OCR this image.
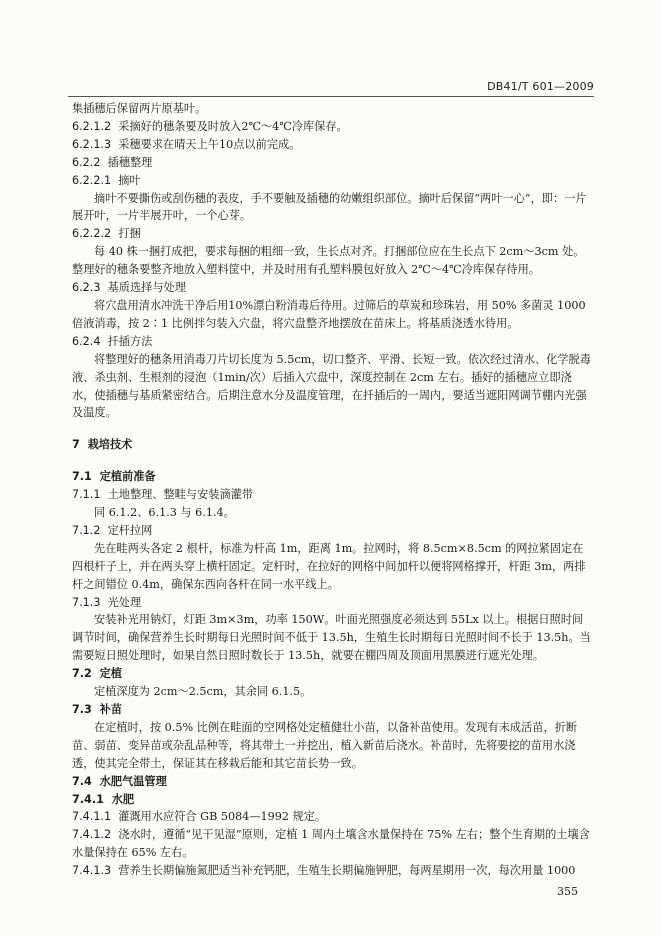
DB41/T 601—2009
集插穗后保留两片原基叶。
6.2.1.2 采摘好的穗条要及时放入2℃～4℃冷库保存。
6.2.1.3 采穗要求在晴天上午10点以前完成。
6.2.2 插穗整理
6.2.2.1 摘叶
摘叶不要撕伤或刮伤穗的表皮，手不要触及插穗的幼嫩组织部位。摘叶后保留“两叶一心”，即：一片展开叶，一片半展开叶，一个心芽。
6.2.2.2 打捆
每 40 株一捆打成把，要求每捆的粗细一致，生长点对齐。打捆部位应在生长点下 2cm～3cm 处。整理好的穗条要整齐地放入塑料筐中，并及时用有孔塑料膜包好放入 2℃～4℃冷库保存待用。
6.2.3 基质选择与处理
将穴盘用清水冲洗干净后用10%漂白粉消毒后待用。过筛后的草炭和珍珠岩，用 50% 多菌灵 1000 倍液消毒，按 2∶1 比例拌匀装入穴盘，将穴盘整齐地摆放在苗床上。将基质浇透水待用。
6.2.4 扦插方法
将整理好的穗条用消毒刀片切长度为 5.5cm，切口整齐、平滑、长短一致。依次经过清水、化学脱毒液、杀虫剂、生根剂的浸泡（1min/次）后插入穴盘中，深度控制在 2cm 左右。插好的插穗应立即浇水，使插穗与基质紧密结合。后期注意水分及温度管理，在扦插后的一周内，要适当遮阳网调节棚内光强及温度。
7 栽培技术
7.1 定植前准备
7.1.1 土地整理、整畦与安装滴灌带
同 6.1.2、6.1.3 与 6.1.4。
7.1.2 定杆拉网
先在畦两头各定 2 根杆，标准为杆高 1m，距离 1m。拉网时，将 8.5cm×8.5cm 的网拉紧固定在四根杆子上，并在两头穿上横杆固定。定杆时，在拉好的网格中间加杆以便将网格撑开，杆距 3m，两排杆之间错位 0.4m，确保东西向各杆在同一水平线上。
7.1.3 光处理
安装补光用钠灯，灯距 3m×3m，功率 150W。叶面光照强度必须达到 55Lx 以上。根据日照时间调节时间，确保营养生长时期每日光照时间不低于 13.5h，生殖生长时期每日光照时间不长于 13.5h。当需要短日照处理时，如果自然日照时数长于 13.5h，就要在棚四周及顶面用黑膜进行遮光处理。
7.2 定植
定植深度为 2cm～2.5cm，其余同 6.1.5。
7.3 补苗
在定植时，按 0.5% 比例在畦面的空网格处定植健壮小苗，以备补苗使用。发现有未成活苗，折断苗、弱苗、变异苗或杂乱品种等，将其带土一并挖出，植入新苗后浇水。补苗时，先将要挖的苗用水浇透，使其完全带土，保证其在移栽后能和其它苗长势一致。
7.4 水肥气温管理
7.4.1 水肥
7.4.1.1 灌溉用水应符合 GB 5084—1992 规定。
7.4.1.2 浇水时，遵循“见干见湿”原则，定植 1 周内土壤含水量保持在 75% 左右；整个生育期的土壤含水量保持在 65% 左右。
7.4.1.3 营养生长期偏施氮肥适当补充钙肥，生殖生长期偏施钾肥，每两星期用一次，每次用量 1000
355
